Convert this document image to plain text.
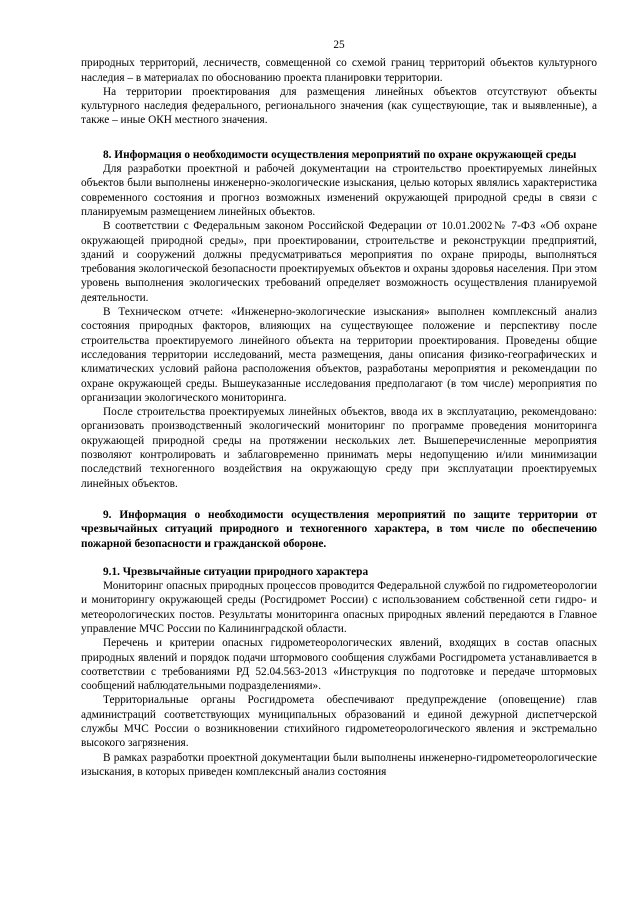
25

природных территорий, лесничеств, совмещенной со схемой границ территорий объектов культурного наследия – в материалах по обоснованию проекта планировки территории.

На территории проектирования для размещения линейных объектов отсутствуют объекты культурного наследия федерального, регионального значения (как существующие, так и выявленные), а также – иные ОКН местного значения.

8. Информация о необходимости осуществления мероприятий по охране окружающей среды

Для разработки проектной и рабочей документации на строительство проектируемых линейных объектов были выполнены инженерно-экологические изыскания, целью которых являлись характеристика современного состояния и прогноз возможных изменений окружающей природной среды в связи с планируемым размещением линейных объектов.

В соответствии с Федеральным законом Российской Федерации от 10.01.2002№ 7-ФЗ «Об охране окружающей природной среды», при проектировании, строительстве и реконструкции предприятий, зданий и сооружений должны предусматриваться мероприятия по охране природы, выполняться требования экологической безопасности проектируемых объектов и охраны здоровья населения. При этом уровень выполнения экологических требований определяет возможность осуществления планируемой деятельности.

В Техническом отчете: «Инженерно-экологические изыскания» выполнен комплексный анализ состояния природных факторов, влияющих на существующее положение и перспективу после строительства проектируемого линейного объекта на территории проектирования. Проведены общие исследования территории исследований, места размещения, даны описания физико-географических и климатических условий района расположения объектов, разработаны мероприятия и рекомендации по охране окружающей среды. Вышеуказанные исследования предполагают (в том числе) мероприятия по организации экологического мониторинга.

После строительства проектируемых линейных объектов, ввода их в эксплуатацию, рекомендовано: организовать производственный экологический мониторинг по программе проведения мониторинга окружающей природной среды на протяжении нескольких лет. Вышеперечисленные мероприятия позволяют контролировать и заблаговременно принимать меры недопущению и/или минимизации последствий техногенного воздействия на окружающую среду при эксплуатации проектируемых линейных объектов.

9. Информация о необходимости осуществления мероприятий по защите территории от чрезвычайных ситуаций природного и техногенного характера, в том числе по обеспечению пожарной безопасности и гражданской обороне.

9.1. Чрезвычайные ситуации природного характера

Мониторинг опасных природных процессов проводится Федеральной службой по гидрометеорологии и мониторингу окружающей среды (Росгидромет России) с использованием собственной сети гидро- и метеорологических постов. Результаты мониторинга опасных природных явлений передаются в Главное управление МЧС России по Калининградской области.

Перечень и критерии опасных гидрометеорологических явлений, входящих в состав опасных природных явлений и порядок подачи штормового сообщения службами Росгидромета устанавливается в соответствии с требованиями РД 52.04.563-2013 «Инструкция по подготовке и передаче штормовых сообщений наблюдательными подразделениями».

Территориальные органы Росгидромета обеспечивают предупреждение (оповещение) глав администраций соответствующих муниципальных образований и единой дежурной диспетчерской службы МЧС России о возникновении стихийного гидрометеорологического явления и экстремально высокого загрязнения.

В рамках разработки проектной документации были выполнены инженерно-гидрометеорологические изыскания, в которых приведен комплексный анализ состояния
